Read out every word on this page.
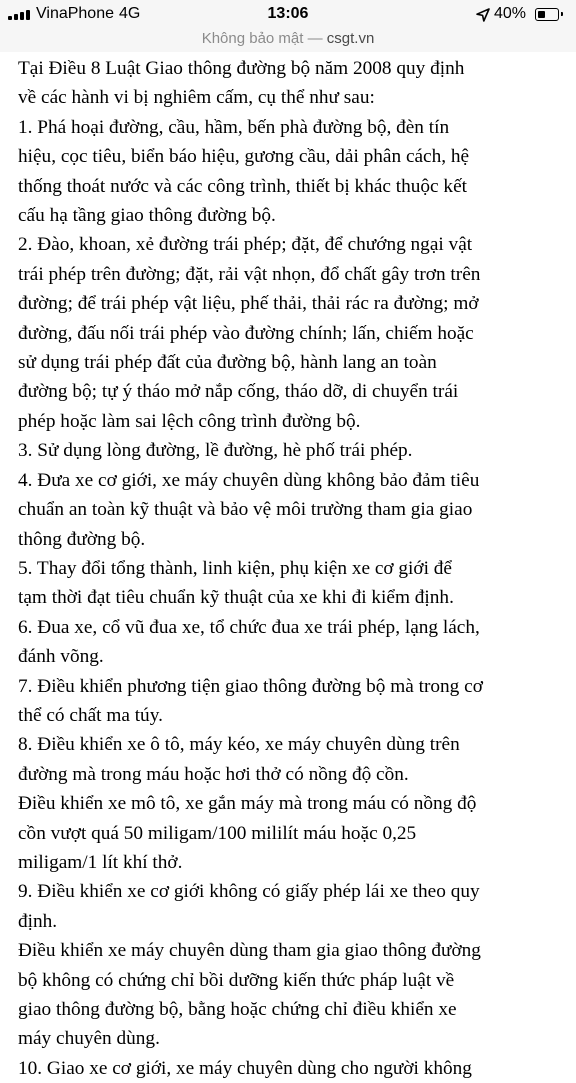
VinaPhone 4G	13:06	40%
Không bảo mật — csgt.vn

Tại Điều 8 Luật Giao thông đường bộ năm 2008 quy định

về các hành vi bị nghiêm cấm, cụ thể như sau:

1. Phá hoại đường, cầu, hầm, bến phà đường bộ, đèn tín

hiệu, cọc tiêu, biển báo hiệu, gương cầu, dải phân cách, hệ

thống thoát nước và các công trình, thiết bị khác thuộc kết

cấu hạ tầng giao thông đường bộ.

2. Đào, khoan, xẻ đường trái phép; đặt, để chướng ngại vật

trái phép trên đường; đặt, rải vật nhọn, đổ chất gây trơn trên

đường; để trái phép vật liệu, phế thải, thải rác ra đường; mở

đường, đấu nối trái phép vào đường chính; lấn, chiếm hoặc

sử dụng trái phép đất của đường bộ, hành lang an toàn

đường bộ; tự ý tháo mở nắp cống, tháo dỡ, di chuyển trái

phép hoặc làm sai lệch công trình đường bộ.

3. Sử dụng lòng đường, lề đường, hè phố trái phép.

4. Đưa xe cơ giới, xe máy chuyên dùng không bảo đảm tiêu

chuẩn an toàn kỹ thuật và bảo vệ môi trường tham gia giao

thông đường bộ.

5. Thay đổi tổng thành, linh kiện, phụ kiện xe cơ giới để

tạm thời đạt tiêu chuẩn kỹ thuật của xe khi đi kiểm định.

6. Đua xe, cổ vũ đua xe, tổ chức đua xe trái phép, lạng lách,

đánh võng.

7. Điều khiển phương tiện giao thông đường bộ mà trong cơ

thể có chất ma túy.

8. Điều khiển xe ô tô, máy kéo, xe máy chuyên dùng trên

đường mà trong máu hoặc hơi thở có nồng độ cồn.

Điều khiển xe mô tô, xe gắn máy mà trong máu có nồng độ

cồn vượt quá 50 miligam/100 mililít máu hoặc 0,25

miligam/1 lít khí thở.

9. Điều khiển xe cơ giới không có giấy phép lái xe theo quy

định.

Điều khiển xe máy chuyên dùng tham gia giao thông đường

bộ không có chứng chỉ bồi dưỡng kiến thức pháp luật về

giao thông đường bộ, bằng hoặc chứng chỉ điều khiển xe

máy chuyên dùng.

10. Giao xe cơ giới, xe máy chuyên dùng cho người không
